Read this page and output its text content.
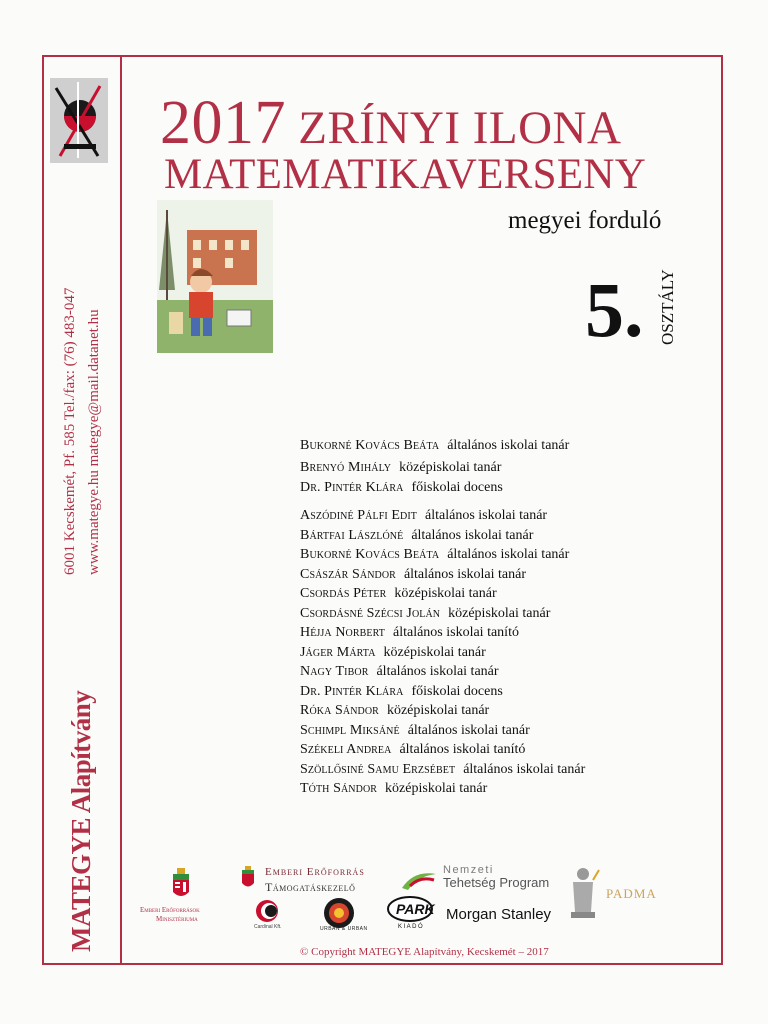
MATEGYE Alapítvány
6001 Kecskemét, Pf. 585 Tel./fax: (76) 483-047 www.mategye.hu mategye@mail.datanet.hu
2017 ZRÍNYI ILONA
MATEMATIKAVERSENY
megyei forduló
5. OSZTÁLY
Bukorné Kovács Beáta általános iskolai tanár
Brenyó Mihály középiskolai tanár
Dr. Pintér Klára főiskolai docens
Aszódiné Pálfi Edit általános iskolai tanár
Bártfai Lászlóné általános iskolai tanár
Bukorné Kovács Beáta általános iskolai tanár
Császár Sándor általános iskolai tanár
Csordás Péter középiskolai tanár
Csordásné Szécsi Jolán középiskolai tanár
Héjja Norbert általános iskolai tanító
Jáger Márta középiskolai tanár
Nagy Tibor általános iskolai tanár
Dr. Pintér Klára főiskolai docens
Róka Sándor középiskolai tanár
Schimpl Miksáné általános iskolai tanár
Székeli Andrea általános iskolai tanító
Szöllősiné Samu Erzsébet általános iskolai tanár
Tóth Sándor középiskolai tanár
Emberi Erőforrások
Minisztériuma
Emberi Erőforrás
Támogatáskezelő
Nemzeti
Tehetség Program
Cardinal Kft.	URBAN & URBAN
PARK
KIADÓ
Morgan Stanley
PADMA
© Copyright MATEGYE Alapítvány, Kecskemét – 2017
